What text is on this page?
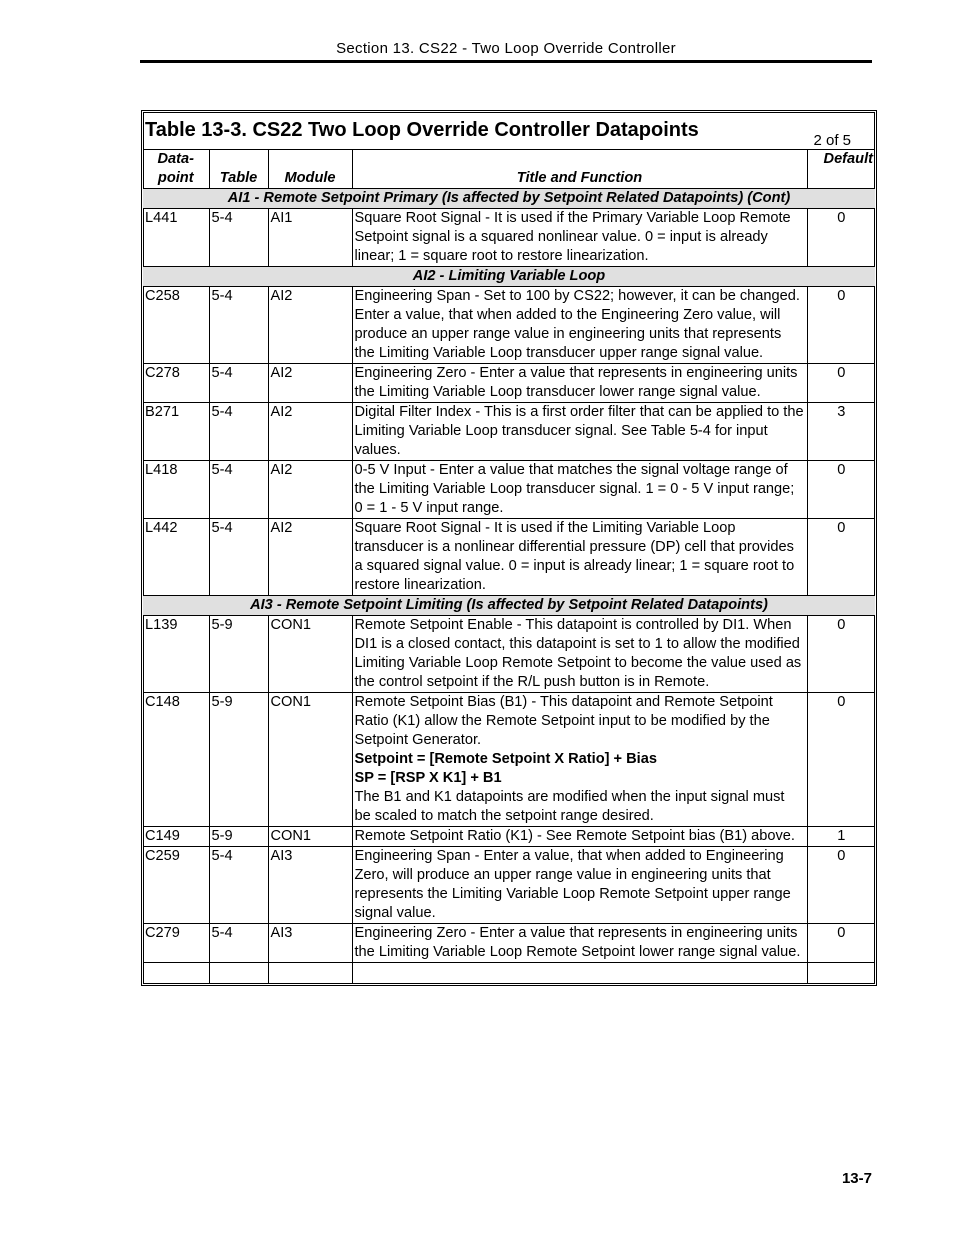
Section 13. CS22 - Two Loop Override Controller
Table 13-3. CS22 Two Loop Override Controller Datapoints 2 of 5				

Data-
point	Table	Module	Title and Function	Default
AI1 - Remote Setpoint Primary (Is affected by Setpoint Related Datapoints) (Cont)				
L441	5-4	AI1	Square Root Signal - It is used if the Primary Variable Loop Remote Setpoint signal is a squared nonlinear value. 0 = input is already linear; 1 = square root to restore linearization.	0
AI2 - Limiting Variable Loop				
C258	5-4	AI2	Engineering Span - Set to 100 by CS22; however, it can be changed. Enter a value, that when added to the Engineering Zero value, will produce an upper range value in engineering units that represents the Limiting Variable Loop transducer upper range signal value.	0
C278	5-4	AI2	Engineering Zero - Enter a value that represents in engineering units the Limiting Variable Loop transducer lower range signal value.	0
B271	5-4	AI2	Digital Filter Index - This is a first order filter that can be applied to the Limiting Variable Loop transducer signal. See Table 5-4 for input values.	3
L418	5-4	AI2	0-5 V Input - Enter a value that matches the signal voltage range of the Limiting Variable Loop transducer signal. 1 = 0 - 5 V input range; 0 = 1 - 5 V input range.	0
L442	5-4	AI2	Square Root Signal - It is used if the Limiting Variable Loop transducer is a nonlinear differential pressure (DP) cell that provides a squared signal value. 0 = input is already linear; 1 = square root to restore linearization.	0
AI3 - Remote Setpoint Limiting (Is affected by Setpoint Related Datapoints)				
L139	5-9	CON1	Remote Setpoint Enable - This datapoint is controlled by DI1. When DI1 is a closed contact, this datapoint is set to 1 to allow the modified Limiting Variable Loop Remote Setpoint to become the value used as the control setpoint if the R/L push button is in Remote.	0
C148	5-9	CON1	Remote Setpoint Bias (B1) - This datapoint and Remote Setpoint Ratio (K1) allow the Remote Setpoint input to be modified by the Setpoint Generator.
Setpoint = [Remote Setpoint X Ratio] + Bias
SP = [RSP X K1] + B1
The B1 and K1 datapoints are modified when the input signal must be scaled to match the setpoint range desired.	0
C149	5-9	CON1	Remote Setpoint Ratio (K1) - See Remote Setpoint bias (B1) above.	1
C259	5-4	AI3	Engineering Span - Enter a value, that when added to Engineering Zero, will produce an upper range value in engineering units that represents the Limiting Variable Loop Remote Setpoint upper range signal value.	0
C279	5-4	AI3	Engineering Zero - Enter a value that represents in engineering units the Limiting Variable Loop Remote Setpoint lower range signal value.	0

13-7
